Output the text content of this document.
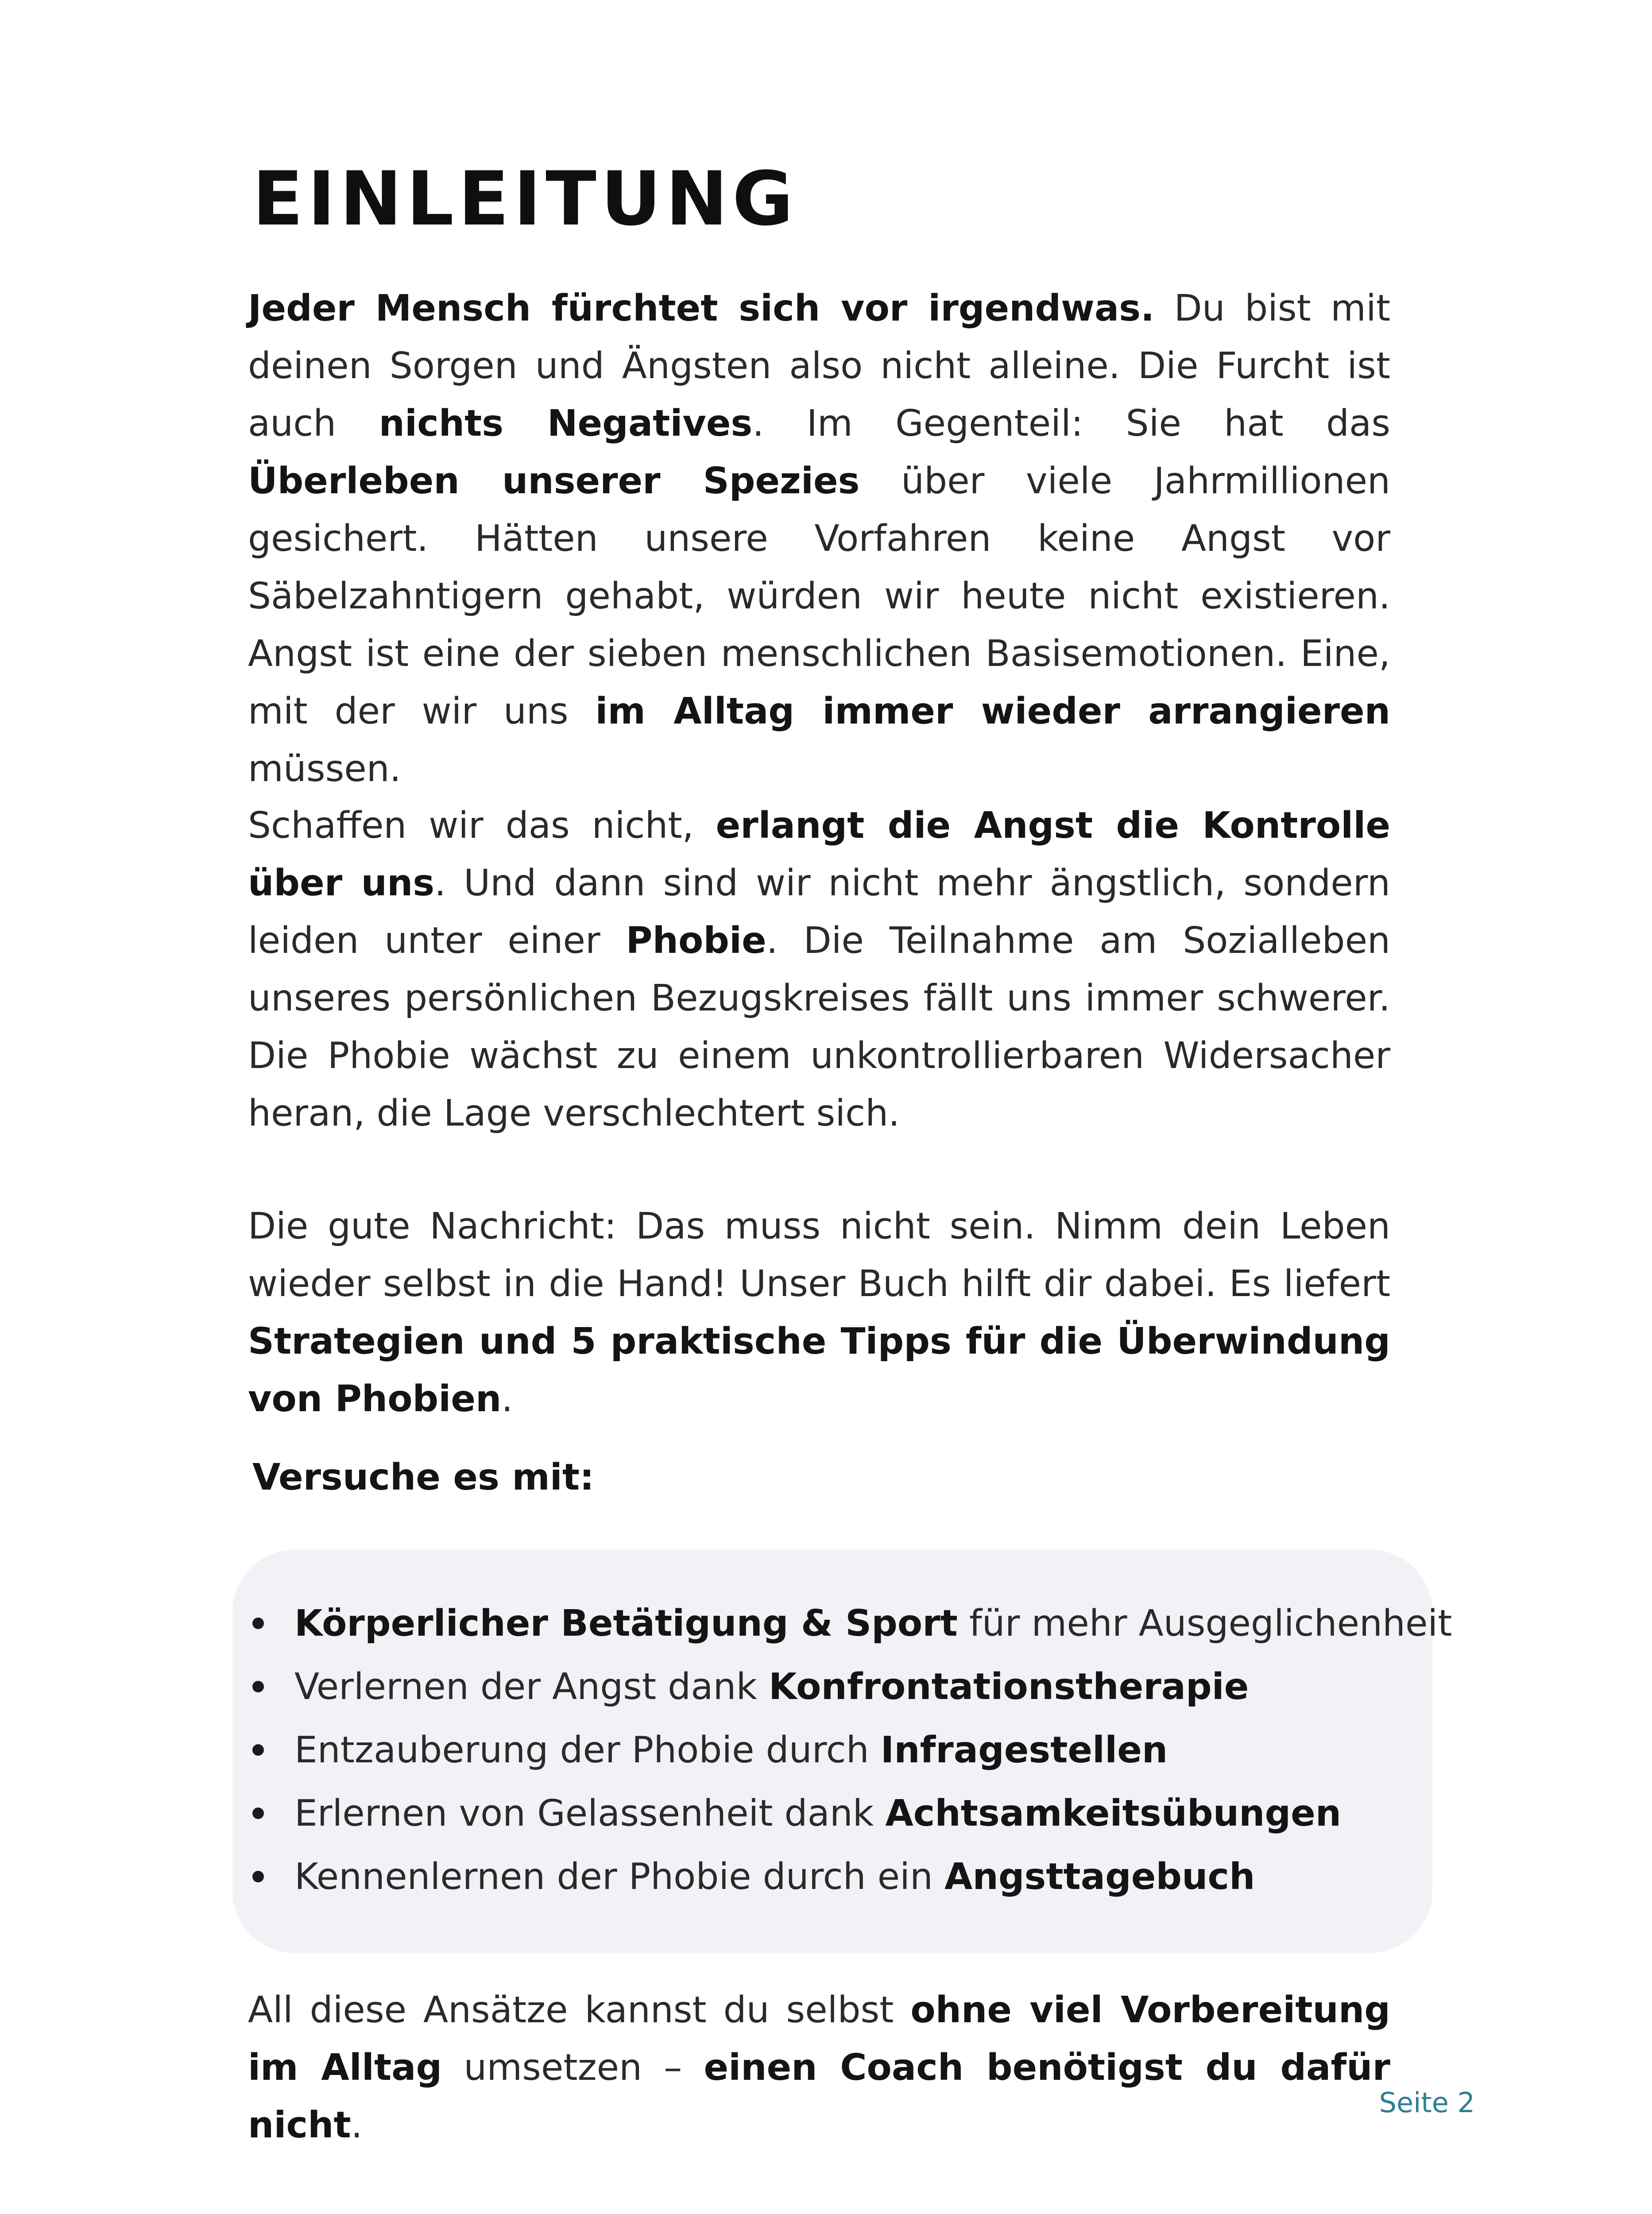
EINLEITUNG

Jeder Mensch fürchtet sich vor irgendwas. Du bist mit deinen Sorgen und Ängsten also nicht alleine. Die Furcht ist auch nichts Negatives. Im Gegenteil: Sie hat das Überleben unserer Spezies über viele Jahrmillionen gesichert. Hätten unsere Vorfahren keine Angst vor Säbelzahntigern gehabt, würden wir heute nicht existieren. Angst ist eine der sieben menschlichen Basisemotionen. Eine, mit der wir uns im Alltag immer wieder arrangieren müssen.

Schaffen wir das nicht, erlangt die Angst die Kontrolle über uns. Und dann sind wir nicht mehr ängstlich, sondern leiden unter einer Phobie. Die Teilnahme am Sozialleben unseres persönlichen Bezugskreises fällt uns immer schwerer. Die Phobie wächst zu einem unkontrollierbaren Widersacher heran, die Lage verschlechtert sich.

Die gute Nachricht: Das muss nicht sein. Nimm dein Leben wieder selbst in die Hand! Unser Buch hilft dir dabei. Es liefert Strategien und 5 praktische Tipps für die Überwindung von Phobien.

Versuche es mit:
Körperlicher Betätigung & Sport für mehr Ausgeglichenheit
Verlernen der Angst dank Konfrontationstherapie
Entzauberung der Phobie durch Infragestellen
Erlernen von Gelassenheit dank Achtsamkeitsübungen
Kennenlernen der Phobie durch ein Angsttagebuch

All diese Ansätze kannst du selbst ohne viel Vorbereitung im Alltag umsetzen – einen Coach benötigst du dafür nicht.

Seite 2
